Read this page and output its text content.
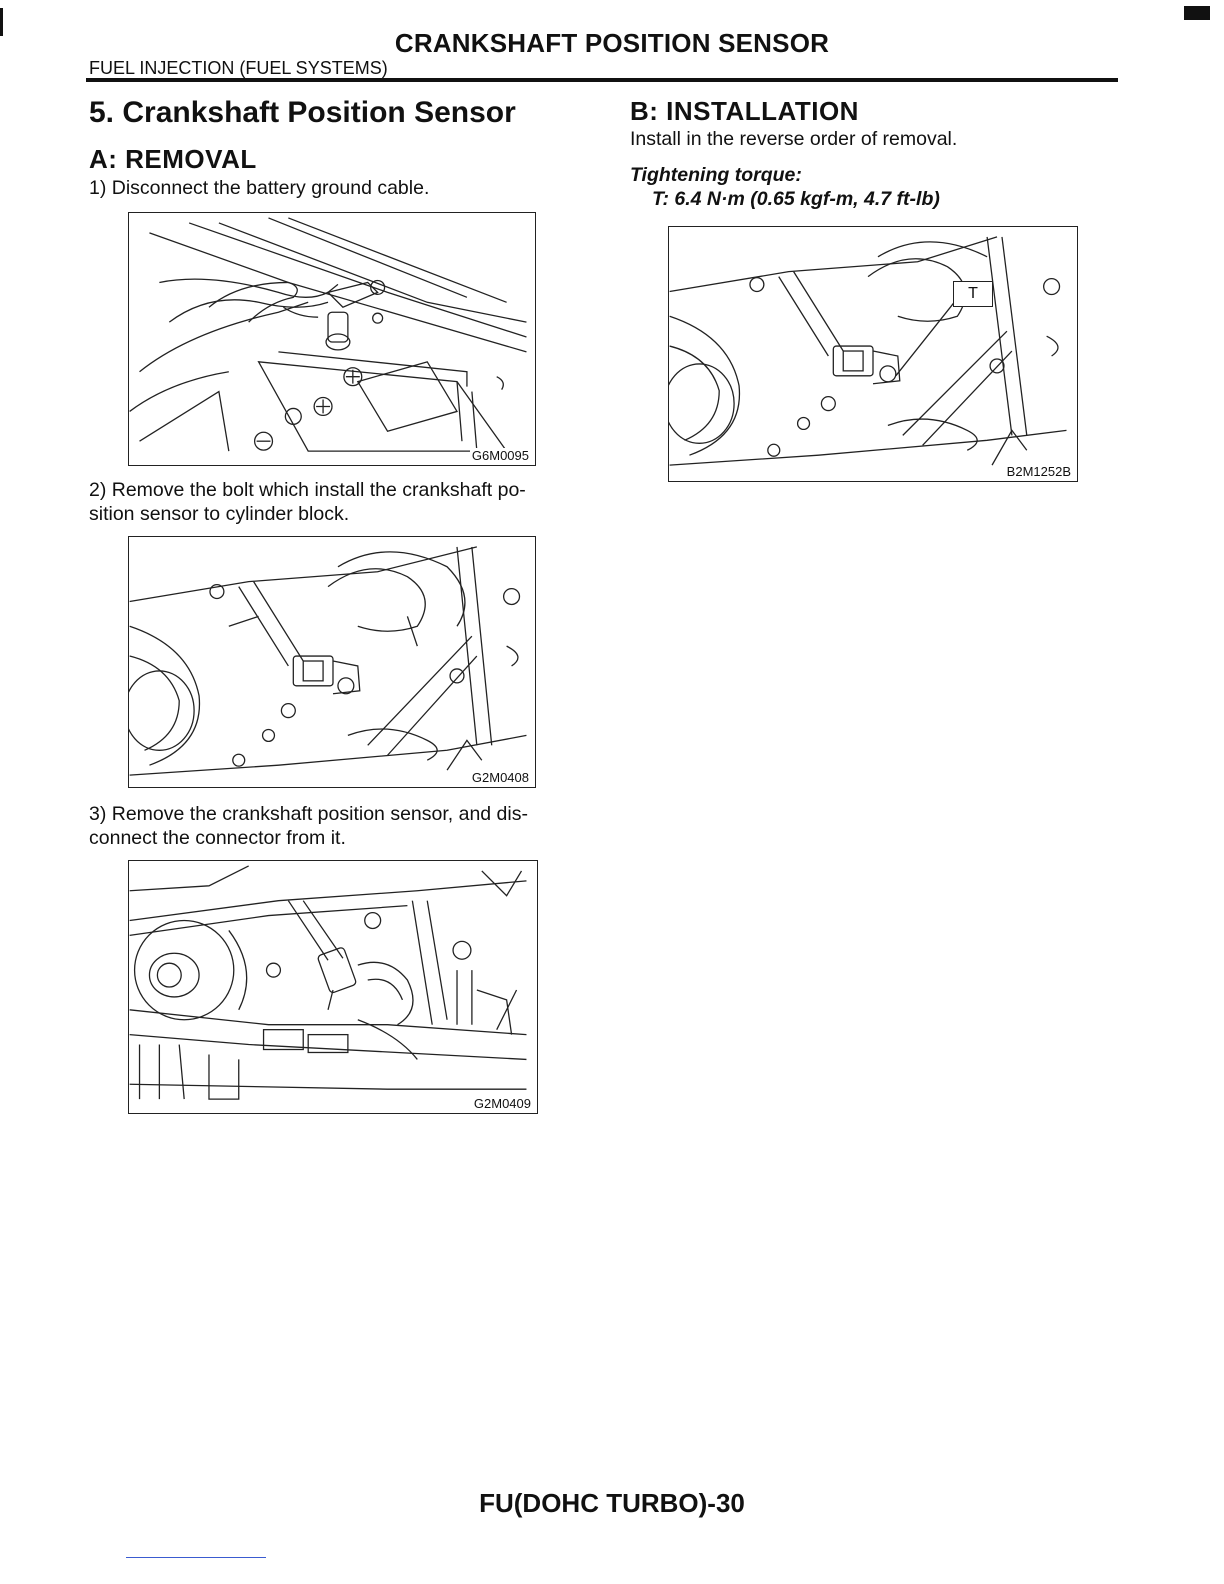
CRANKSHAFT POSITION SENSOR
FUEL INJECTION (FUEL SYSTEMS)
5. Crankshaft Position Sensor
A: REMOVAL
1) Disconnect the battery ground cable.
G6M0095
2) Remove the bolt which install the crankshaft po-
sition sensor to cylinder block.
G2M0408
3) Remove the crankshaft position sensor, and dis-
connect the connector from it.
G2M0409
B: INSTALLATION
Install in the reverse order of removal.
Tightening torque:
T: 6.4 N·m (0.65 kgf-m, 4.7 ft-lb)
T
B2M1252B
FU(DOHC TURBO)-30
